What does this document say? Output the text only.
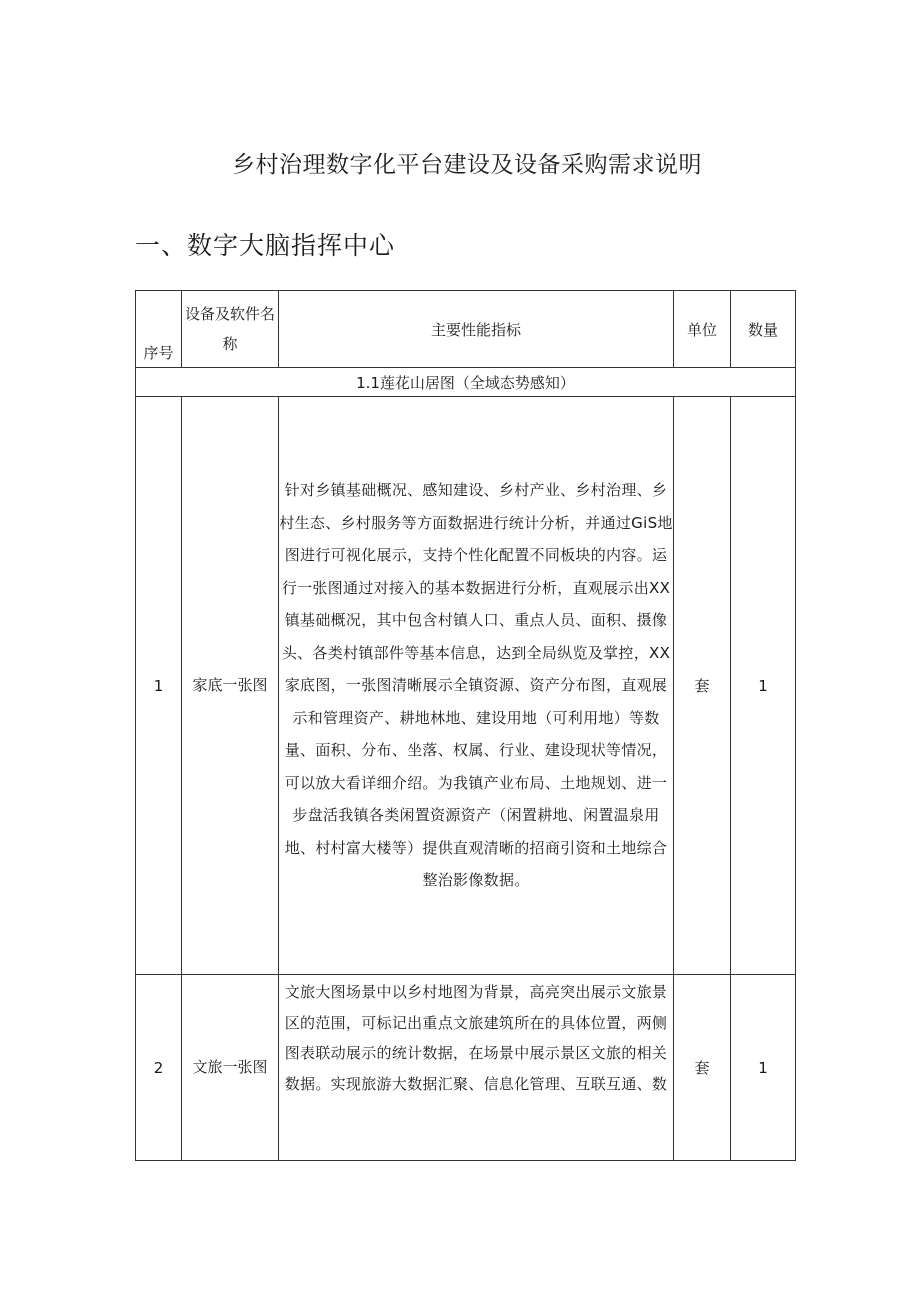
乡村治理数字化平台建设及设备采购需求说明
一、数字大脑指挥中心
序号	设备及软件名称	主要性能指标	单位	数量
1.1莲花山居图（全域态势感知）				
1	家底一张图	针对乡镇基础概况、感知建设、乡村产业、乡村治理、乡村生态、乡村服务等方面数据进行统计分析，并通过GiS地图进行可视化展示，支持个性化配置不同板块的内容。运行一张图通过对接入的基本数据进行分析，直观展示出XX镇基础概况，其中包含村镇人口、重点人员、面积、摄像头、各类村镇部件等基本信息，达到全局纵览及掌控，XX家底图，一张图清晰展示全镇资源、资产分布图，直观展示和管理资产、耕地林地、建设用地（可利用地）等数量、面积、分布、坐落、权属、行业、建设现状等情况，可以放大看详细介绍。为我镇产业布局、土地规划、进一步盘活我镇各类闲置资源资产（闲置耕地、闲置温泉用地、村村富大楼等）提供直观清晰的招商引资和土地综合整治影像数据。	套	1
2	文旅一张图	文旅大图场景中以乡村地图为背景，高亮突出展示文旅景区的范围，可标记出重点文旅建筑所在的具体位置，两侧图表联动展示的统计数据，在场景中展示景区文旅的相关数据。实现旅游大数据汇聚、信息化管理、互联互通、数	套	1
